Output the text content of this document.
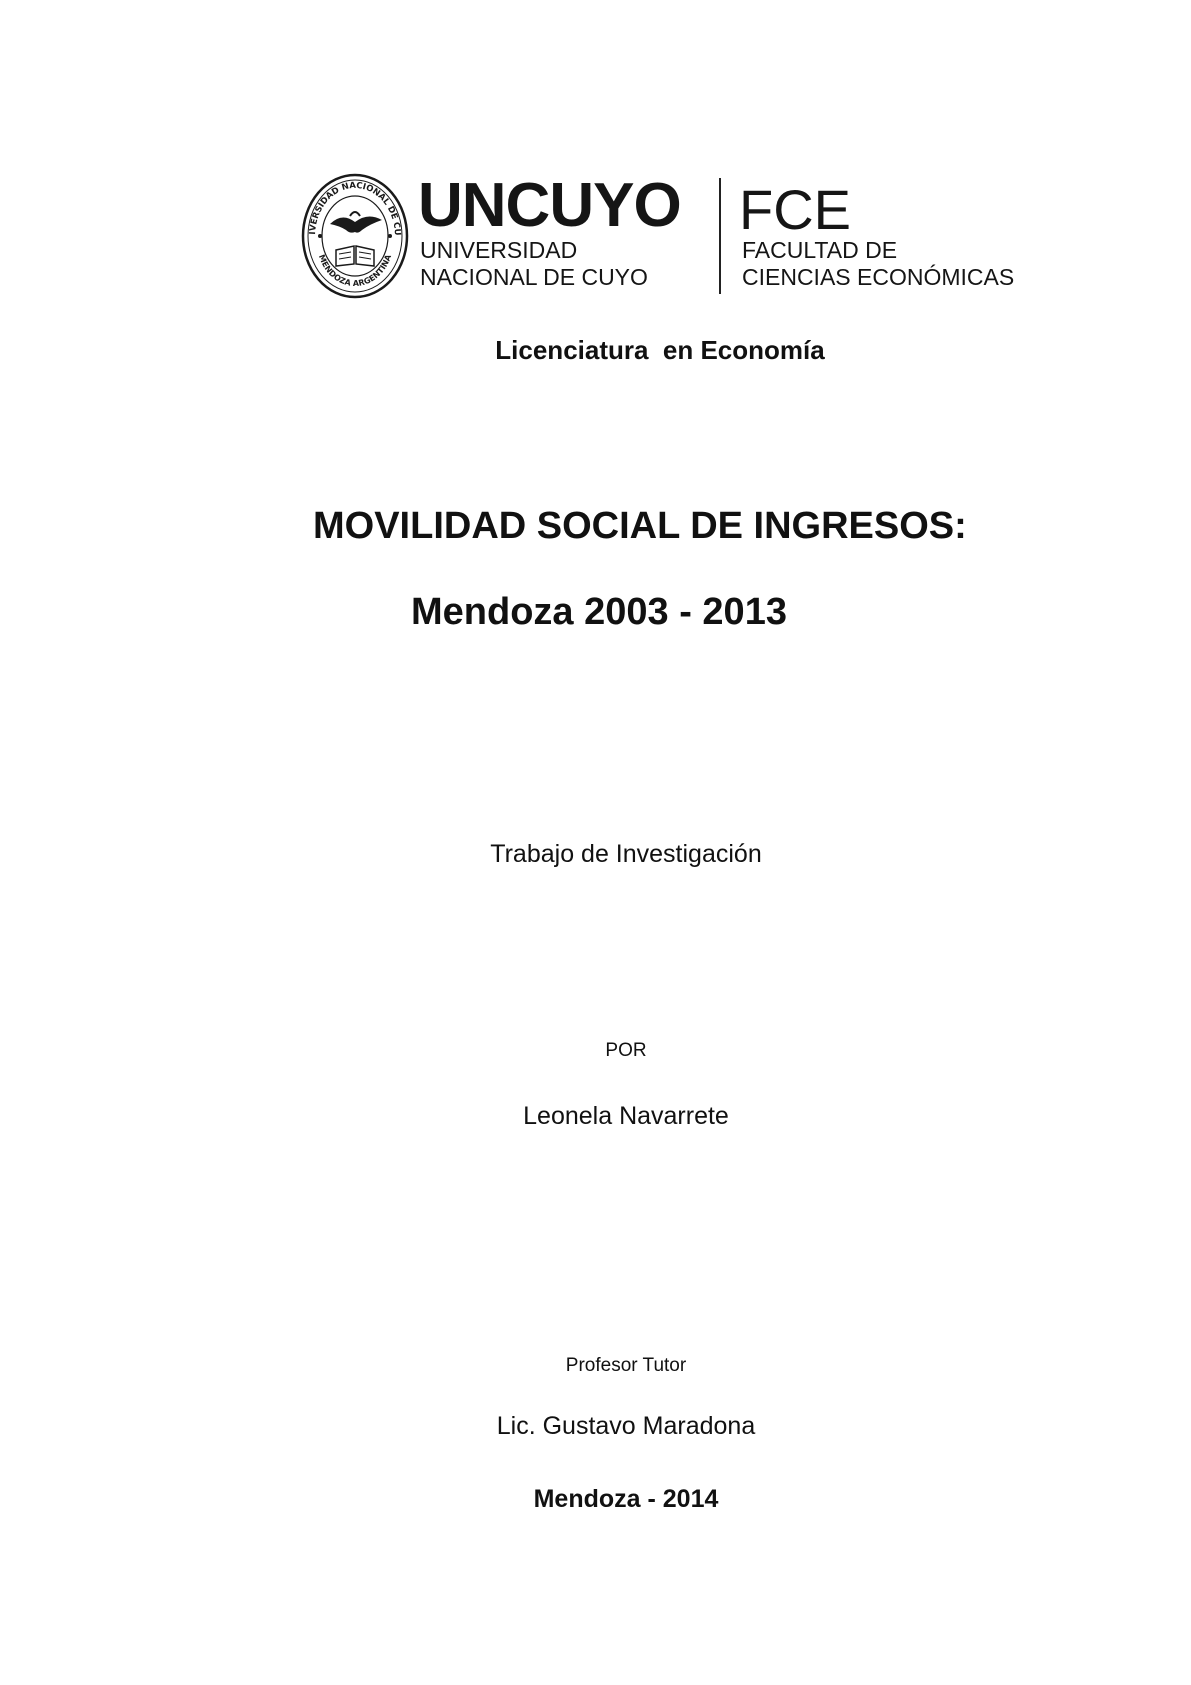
IVERSIDAD NACIONAL DE CU
MENDOZA ARGENTINA
UNCUYO
UNIVERSIDAD
NACIONAL DE CUYO
FCE
FACULTAD DE
CIENCIAS ECONÓMICAS
Licenciatura  en Economía
MOVILIDAD SOCIAL DE INGRESOS:
Mendoza 2003 - 2013
Trabajo de Investigación
POR
Leonela Navarrete
Profesor Tutor
Lic. Gustavo Maradona
Mendoza - 2014
